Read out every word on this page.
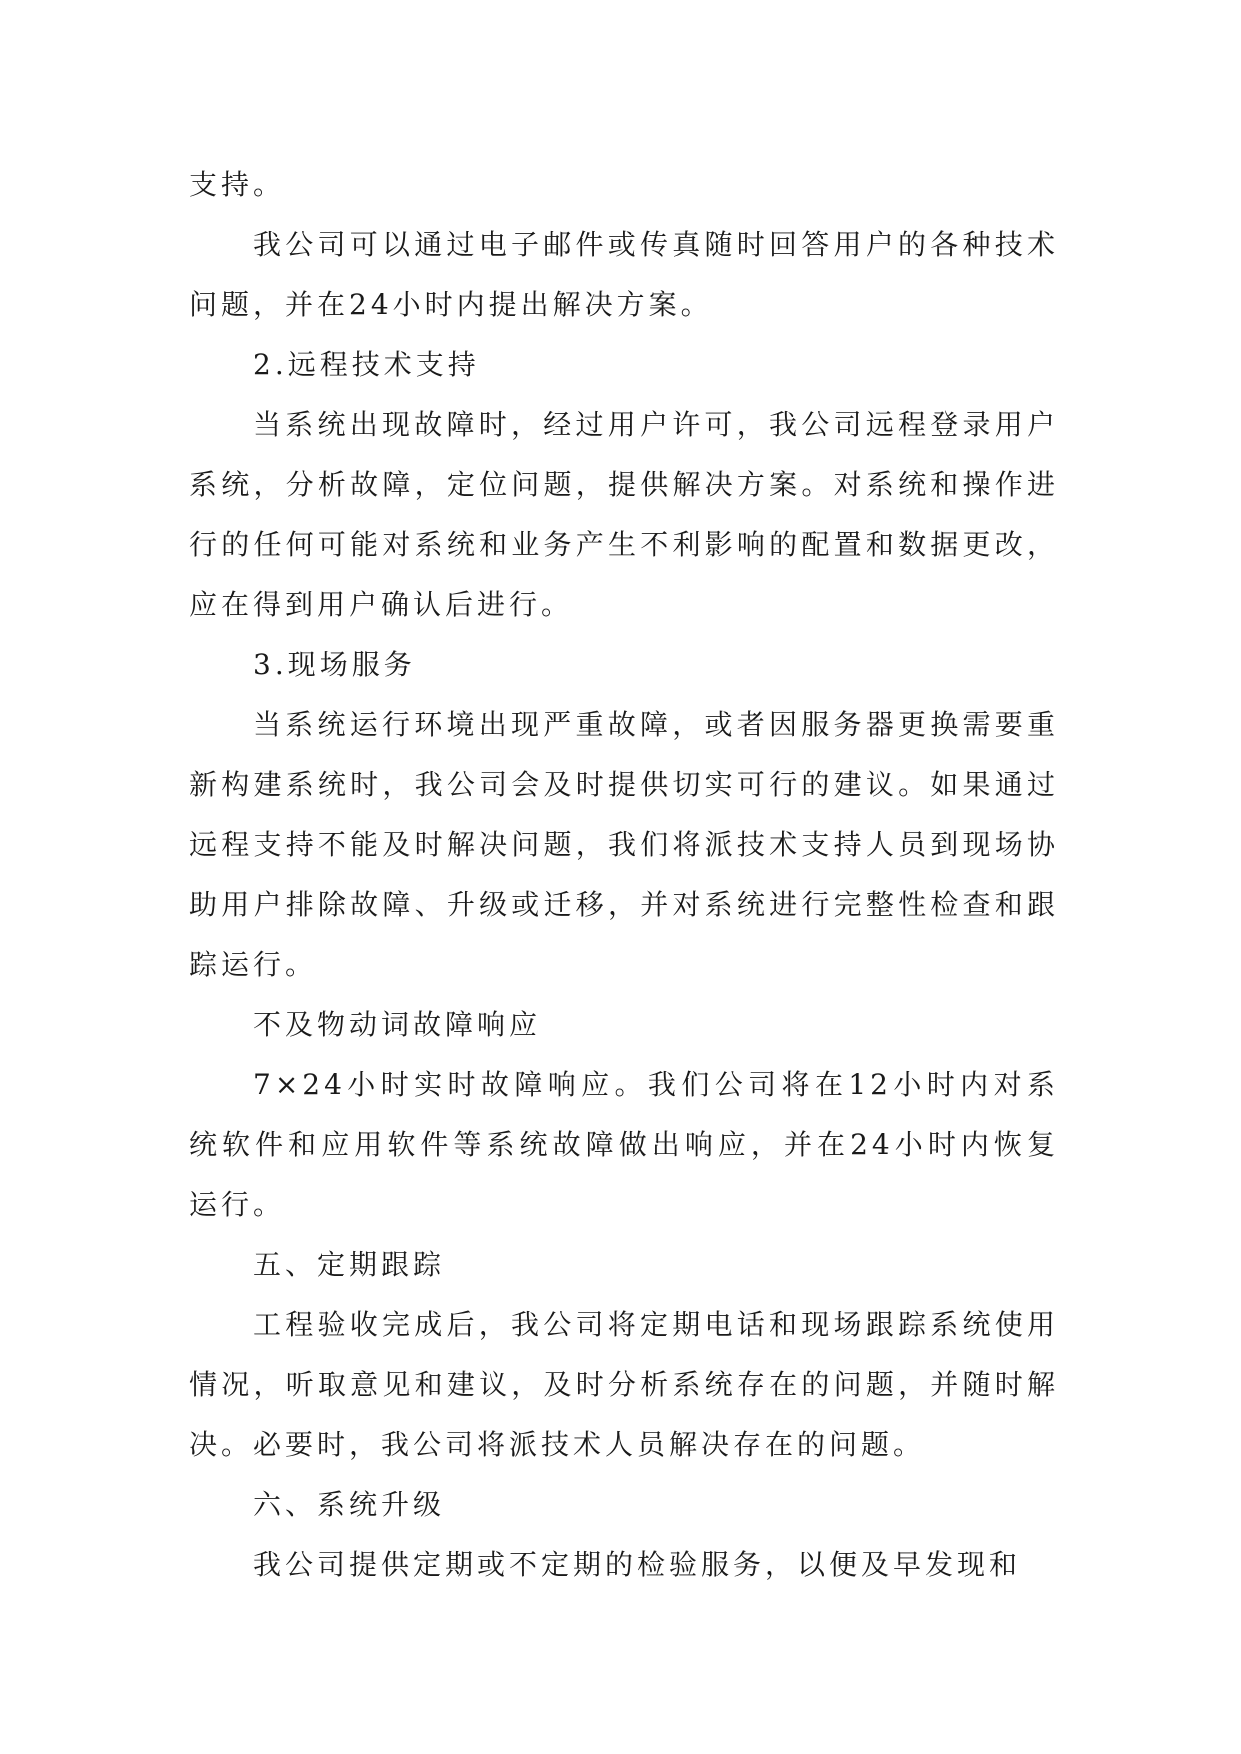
支持。

我公司可以通过电子邮件或传真随时回答用户的各种技术问题，并在24小时内提出解决方案。

2.远程技术支持

当系统出现故障时，经过用户许可，我公司远程登录用户系统，分析故障，定位问题，提供解决方案。对系统和操作进行的任何可能对系统和业务产生不利影响的配置和数据更改，应在得到用户确认后进行。

3.现场服务

当系统运行环境出现严重故障，或者因服务器更换需要重新构建系统时，我公司会及时提供切实可行的建议。如果通过远程支持不能及时解决问题，我们将派技术支持人员到现场协助用户排除故障、升级或迁移，并对系统进行完整性检查和跟踪运行。

不及物动词故障响应

7×24小时实时故障响应。我们公司将在12小时内对系统软件和应用软件等系统故障做出响应，并在24小时内恢复运行。

五、定期跟踪

工程验收完成后，我公司将定期电话和现场跟踪系统使用情况，听取意见和建议，及时分析系统存在的问题，并随时解决。必要时，我公司将派技术人员解决存在的问题。

六、系统升级

我公司提供定期或不定期的检验服务，以便及早发现和
